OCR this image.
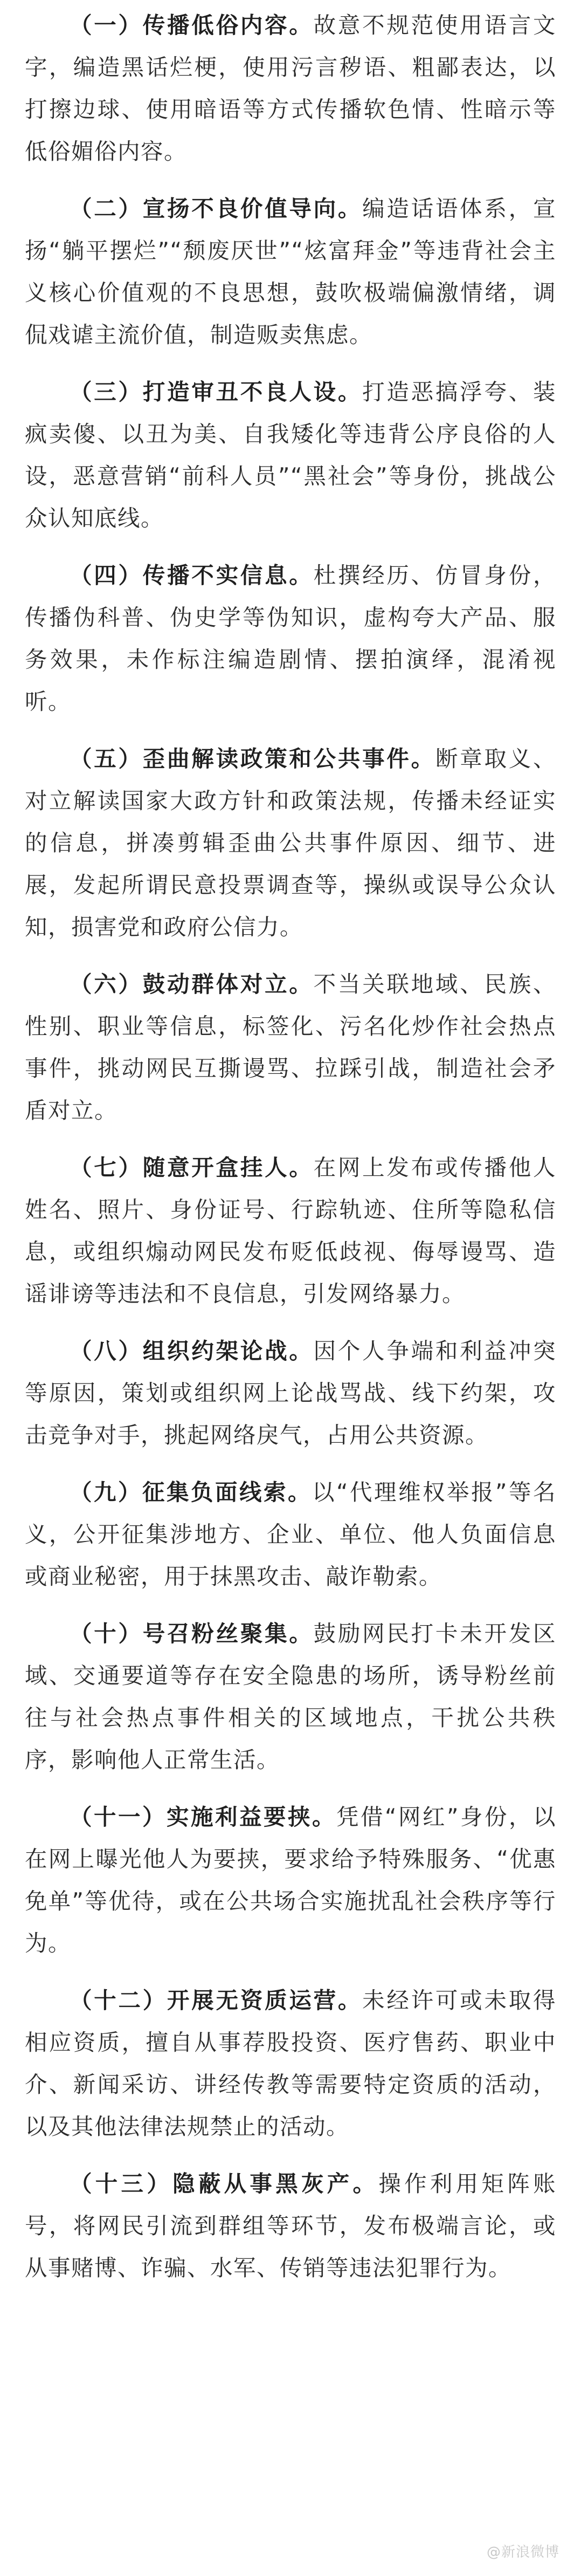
（一）传播低俗内容。故意不规范使用语言文字，编造黑话烂梗，使用污言秽语、粗鄙表达，以打擦边球、使用暗语等方式传播软色情、性暗示等低俗媚俗内容。

（二）宣扬不良价值导向。编造话语体系，宣扬“躺平摆烂”“颓废厌世”“炫富拜金”等违背社会主义核心价值观的不良思想，鼓吹极端偏激情绪，调侃戏谑主流价值，制造贩卖焦虑。

（三）打造审丑不良人设。打造恶搞浮夸、装疯卖傻、以丑为美、自我矮化等违背公序良俗的人设，恶意营销“前科人员”“黑社会”等身份，挑战公众认知底线。

（四）传播不实信息。杜撰经历、仿冒身份，传播伪科普、伪史学等伪知识，虚构夸大产品、服务效果，未作标注编造剧情、摆拍演绎，混淆视听。

（五）歪曲解读政策和公共事件。断章取义、对立解读国家大政方针和政策法规，传播未经证实的信息，拼凑剪辑歪曲公共事件原因、细节、进展，发起所谓民意投票调查等，操纵或误导公众认知，损害党和政府公信力。

（六）鼓动群体对立。不当关联地域、民族、性别、职业等信息，标签化、污名化炒作社会热点事件，挑动网民互撕谩骂、拉踩引战，制造社会矛盾对立。

（七）随意开盒挂人。在网上发布或传播他人姓名、照片、身份证号、行踪轨迹、住所等隐私信息，或组织煽动网民发布贬低歧视、侮辱谩骂、造谣诽谤等违法和不良信息，引发网络暴力。

（八）组织约架论战。因个人争端和利益冲突等原因，策划或组织网上论战骂战、线下约架，攻击竞争对手，挑起网络戾气，占用公共资源。

（九）征集负面线索。以“代理维权举报”等名义，公开征集涉地方、企业、单位、他人负面信息或商业秘密，用于抹黑攻击、敲诈勒索。

（十）号召粉丝聚集。鼓励网民打卡未开发区域、交通要道等存在安全隐患的场所，诱导粉丝前往与社会热点事件相关的区域地点，干扰公共秩序，影响他人正常生活。

（十一）实施利益要挟。凭借“网红”身份，以在网上曝光他人为要挟，要求给予特殊服务、“优惠免单”等优待，或在公共场合实施扰乱社会秩序等行为。

（十二）开展无资质运营。未经许可或未取得相应资质，擅自从事荐股投资、医疗售药、职业中介、新闻采访、讲经传教等需要特定资质的活动，以及其他法律法规禁止的活动。

（十三）隐蔽从事黑灰产。操作利用矩阵账号，将网民引流到群组等环节，发布极端言论，或从事赌博、诈骗、水军、传销等违法犯罪行为。

@新浪微博
